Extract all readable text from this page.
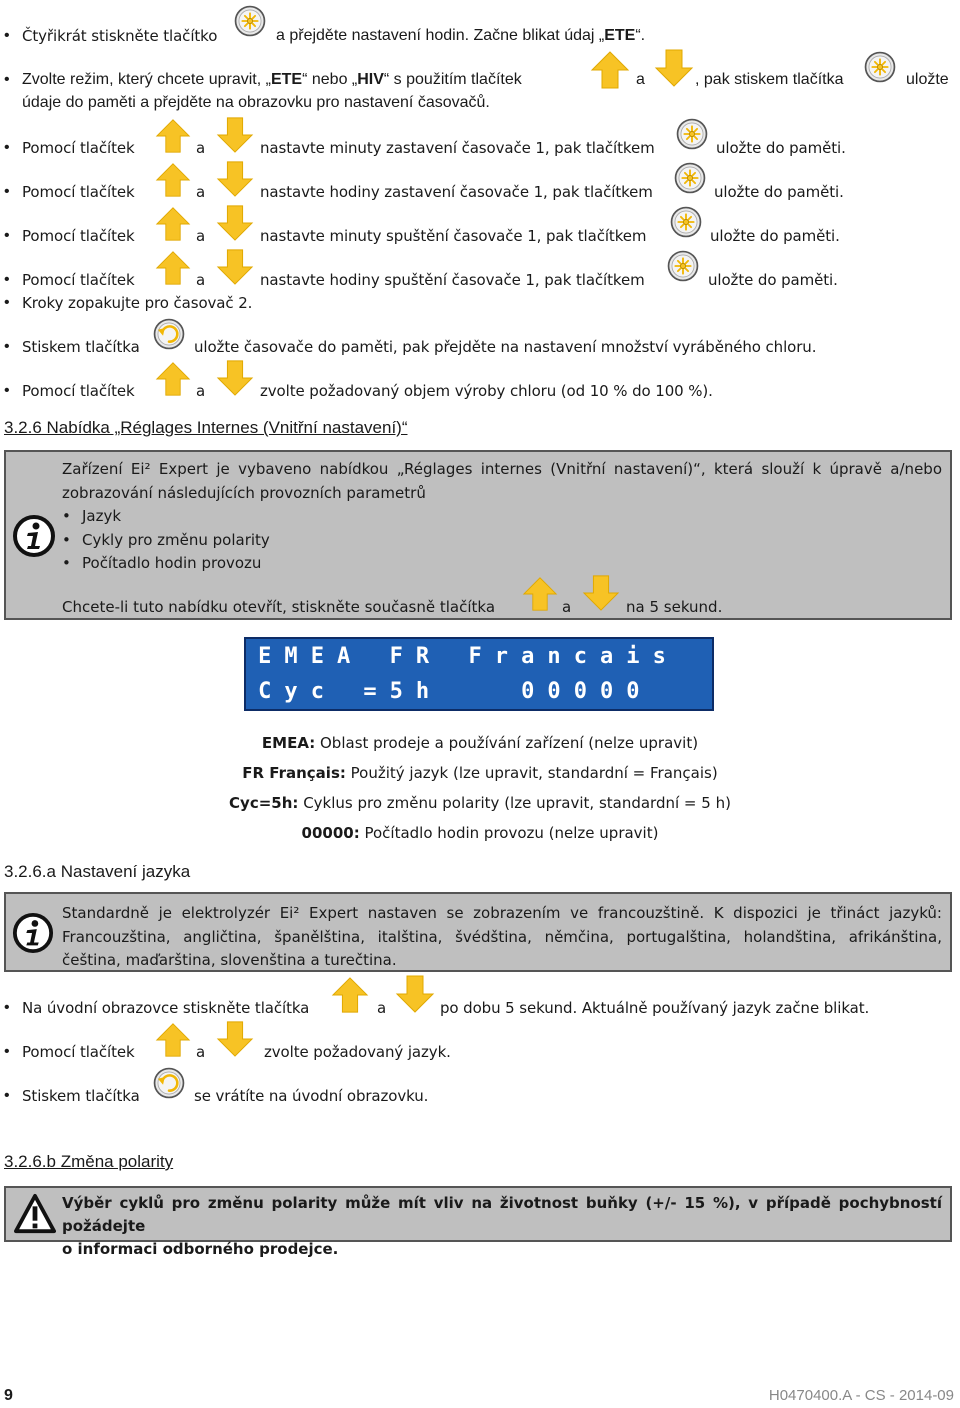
• Čtyřikrát stiskněte tlačítko	a přejděte nastavení hodin. Začne blikat údaj „ETE“.
• Zvolte režim, který chcete upravit, „ETE“ nebo „HIV“ s použitím tlačítek	a	, pak stiskem tlačítka	uložte
údaje do paměti a přejděte na obrazovku pro nastavení časovačů.
• Pomocí tlačítek	a	nastavte minuty zastavení časovače 1, pak tlačítkem	uložte do paměti.
• Pomocí tlačítek	a	nastavte hodiny zastavení časovače 1, pak tlačítkem	uložte do paměti.
• Pomocí tlačítek	a	nastavte minuty spuštění časovače 1, pak tlačítkem	uložte do paměti.
• Pomocí tlačítek	a	nastavte hodiny spuštění časovače 1, pak tlačítkem	uložte do paměti.
• Kroky zopakujte pro časovač 2.
• Stiskem tlačítka	uložte časovače do paměti, pak přejděte na nastavení množství vyráběného chloru.
• Pomocí tlačítek	a	zvolte požadovaný objem výroby chloru (od 10 % do 100 %).
3.2.6 Nabídka „Réglages Internes (Vnitřní nastavení)“
Zařízení Ei² Expert je vybaveno nabídkou „Réglages internes (Vnitřní nastavení)“, která slouží k úpravě a/nebo
zobrazování následujících provozních parametrů
• Jazyk
• Cykly pro změnu polarity
• Počítadlo hodin provozu
Chcete-li tuto nabídku otevřít, stiskněte současně tlačítka	a	na 5 sekund.
E M E A F R F r a n c a i s
C y c = 5 h	0 0 0 0 0
EMEA: Oblast prodeje a používání zařízení (nelze upravit)
FR Français: Použitý jazyk (lze upravit, standardní = Français)
Cyc=5h: Cyklus pro změnu polarity (lze upravit, standardní = 5 h)
00000: Počítadlo hodin provozu (nelze upravit)
3.2.6.a Nastavení jazyka
Standardně je elektrolyzér Ei² Expert nastaven se zobrazením ve francouzštině. K dispozici je třináct jazyků:
Francouzština, angličtina, španělština, italština, švédština, němčina, portugalština, holandština, afrikánština,
čeština, maďarština, slovenština a turečtina.
• Na úvodní obrazovce stiskněte tlačítka	a	po dobu 5 sekund. Aktuálně používaný jazyk začne blikat.
• Pomocí tlačítek	a	zvolte požadovaný jazyk.
• Stiskem tlačítka	se vrátíte na úvodní obrazovku.
3.2.6.b Změna polarity
Výběr cyklů pro změnu polarity může mít vliv na životnost buňky (+/- 15 %), v případě pochybností požádejte
o informaci odborného prodejce.
9	H0470400.A - CS - 2014-09
